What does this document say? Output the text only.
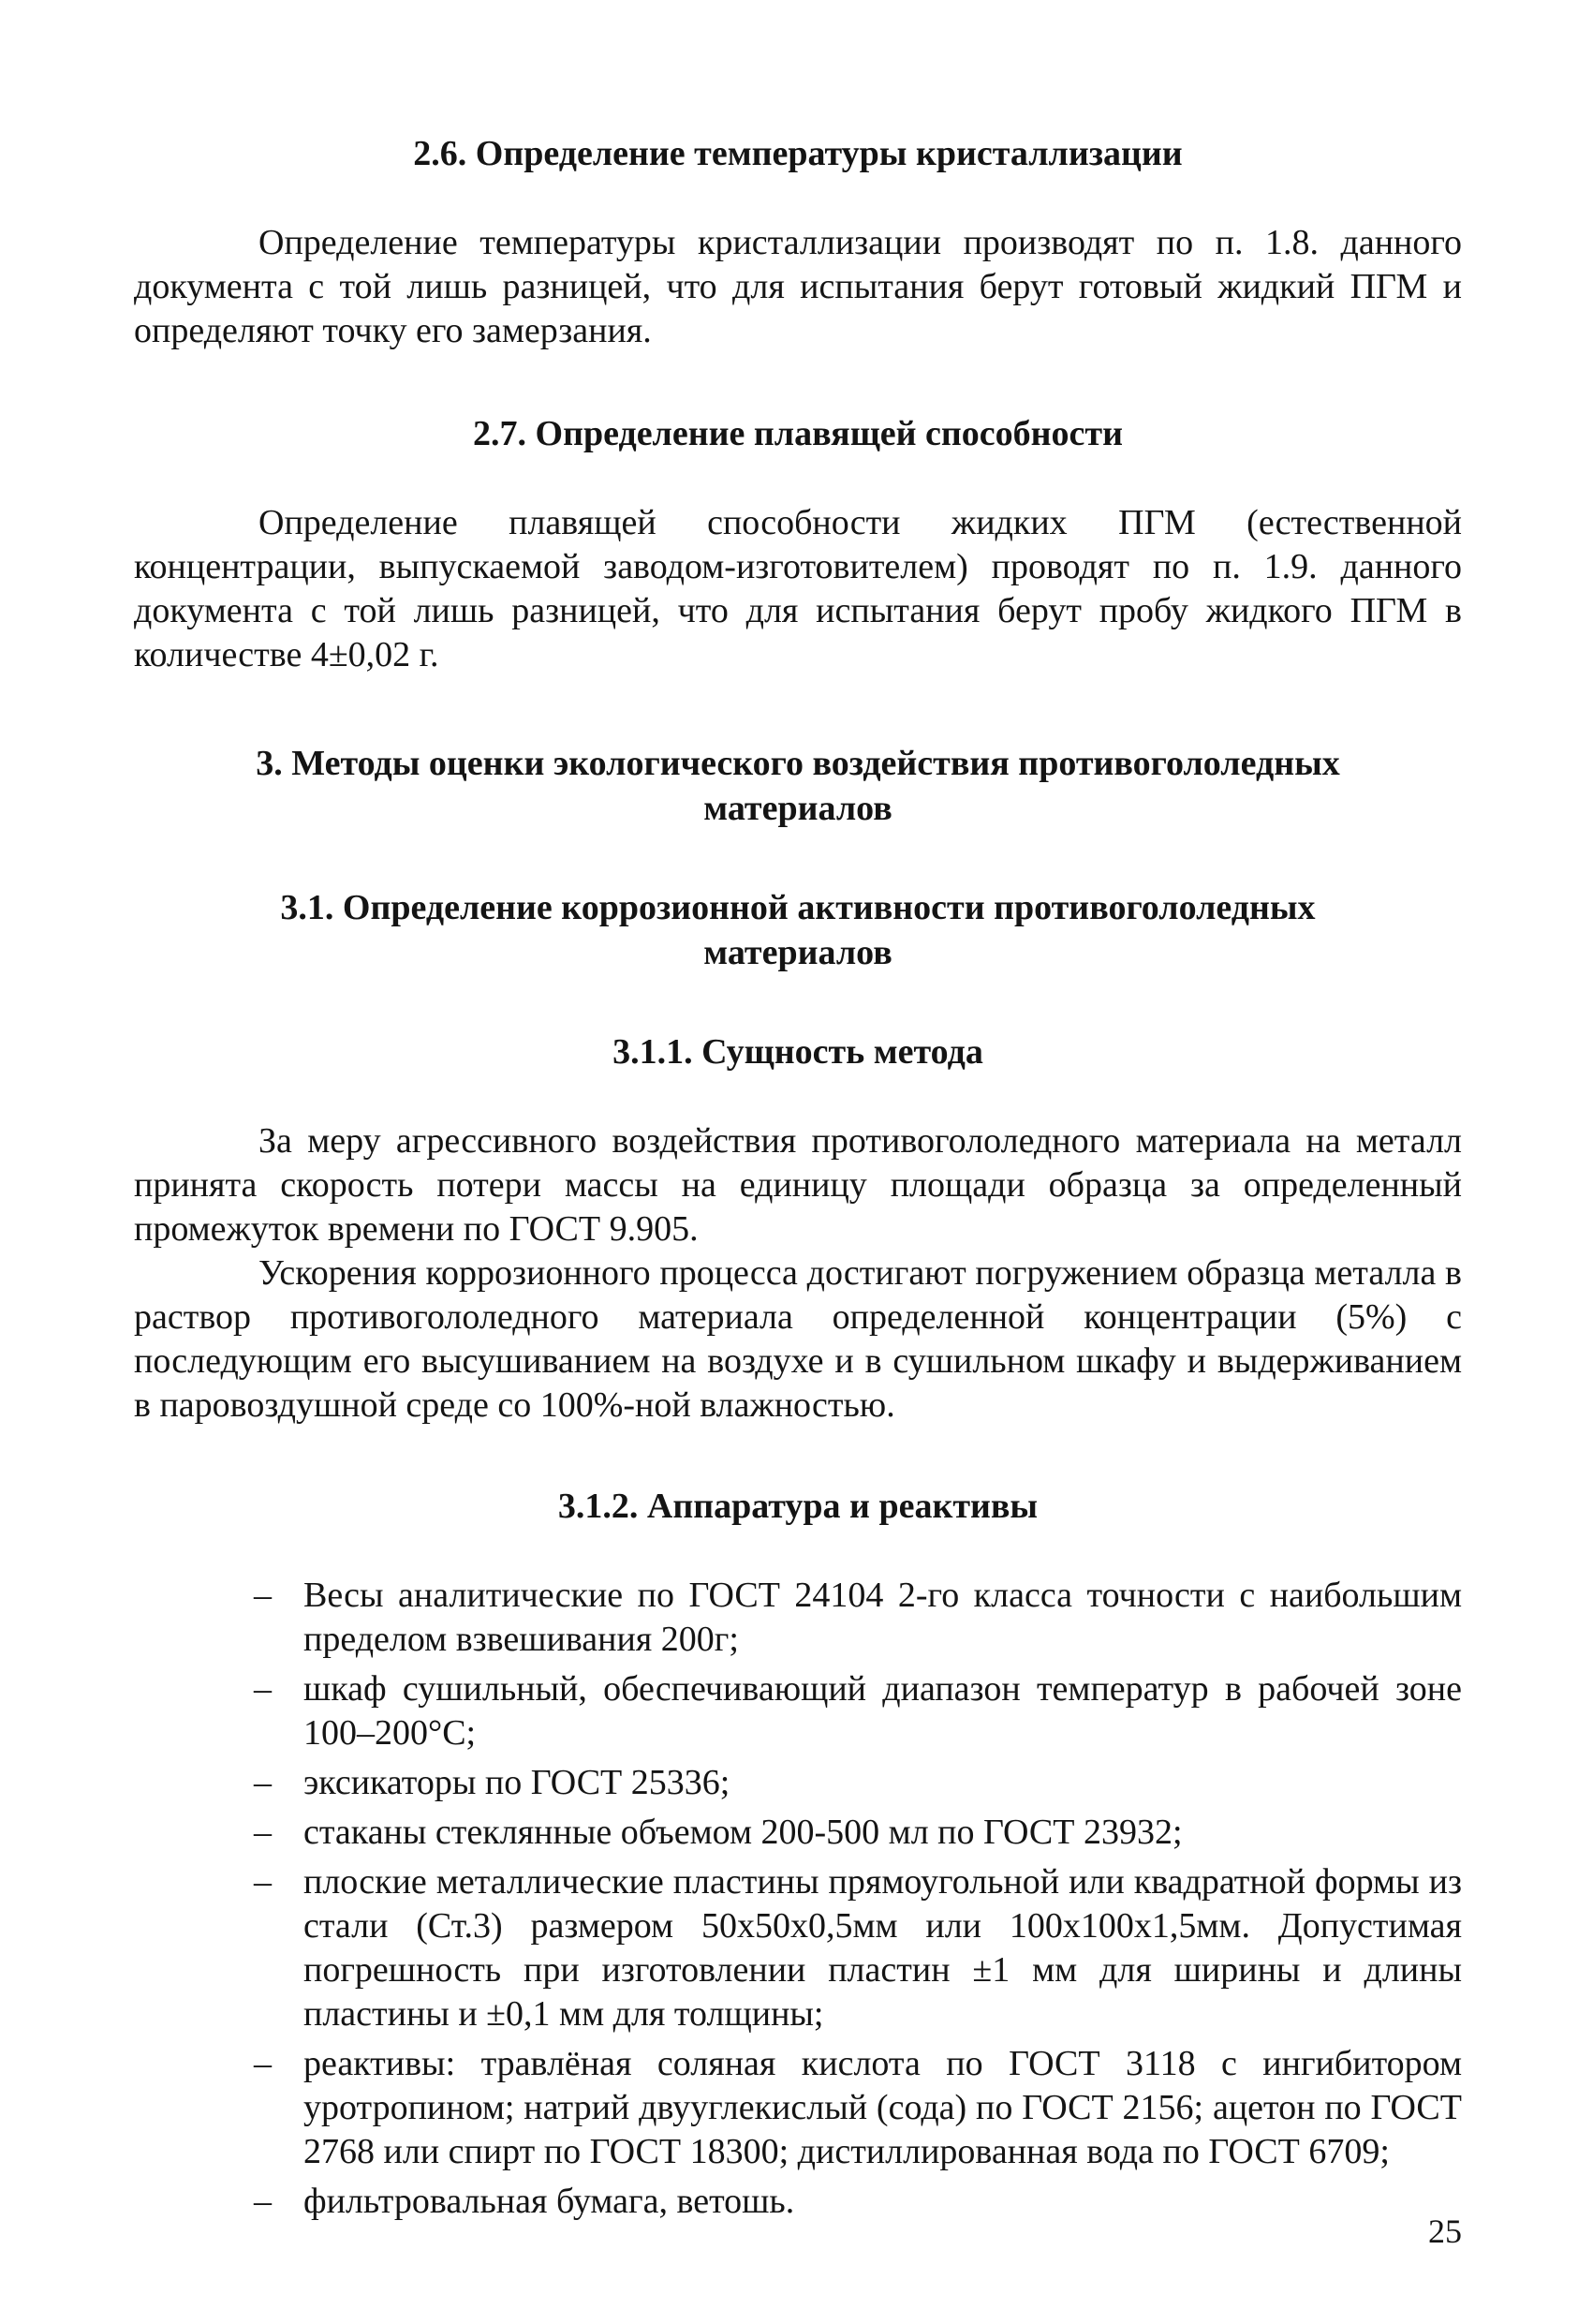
2.6. Определение температуры кристаллизации

Определение температуры кристаллизации производят по п. 1.8. данного документа с той лишь разницей, что для испытания берут готовый жидкий ПГМ и определяют точку его замерзания.

2.7. Определение плавящей способности

Определение плавящей способности жидких ПГМ (естественной концентрации, выпускаемой заводом-изготовителем) проводят по п. 1.9. данного документа с той лишь разницей, что для испытания берут пробу жидкого ПГМ в количестве 4±0,02 г.

3. Методы оценки экологического воздействия противогололедных
материалов
3.1. Определение коррозионной активности противогололедных
материалов
3.1.1. Сущность метода

За меру агрессивного воздействия противогололедного материала на металл принята скорость потери массы на единицу площади образца за определенный промежуток времени по ГОСТ 9.905.

Ускорения коррозионного процесса достигают погружением образца металла в раствор противогололедного материала определенной концентрации (5%) с последующим его высушиванием на воздухе и в сушильном шкафу и выдерживанием в паровоздушной среде со 100%-ной влажностью.

3.1.2. Аппаратура и реактивы
– Весы аналитические по ГОСТ 24104 2-го класса точности с наибольшим пределом взвешивания 200г;
– шкаф сушильный, обеспечивающий диапазон температур в рабочей зоне 100–200°С;
– эксикаторы по ГОСТ 25336;
– стаканы стеклянные объемом 200-500 мл по ГОСТ 23932;
– плоские металлические пластины прямоугольной или квадратной формы из стали (Ст.3) размером 50х50х0,5мм или 100х100х1,5мм. Допустимая погрешность при изготовлении пластин ±1 мм для ширины и длины пластины и ±0,1 мм для толщины;
– реактивы: травлёная соляная кислота по ГОСТ 3118 с ингибитором уротропином; натрий двууглекислый (сода) по ГОСТ 2156; ацетон по ГОСТ 2768 или спирт по ГОСТ 18300; дистиллированная вода по ГОСТ 6709;
– фильтровальная бумага, ветошь.
25
